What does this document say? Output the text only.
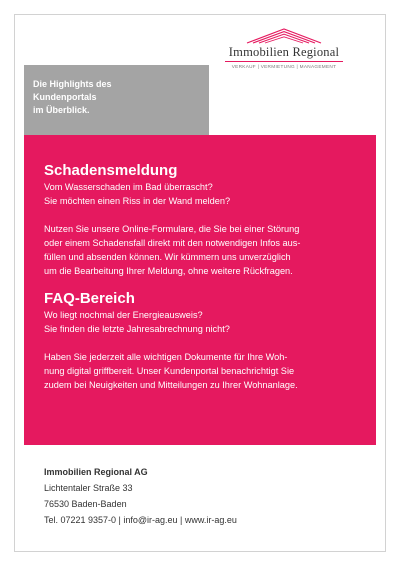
Immobilien Regional
VERKAUF | VERMIETUNG | MANAGEMENT
Die Highlights des
Kundenportals
im Überblick.
Schadensmeldung

Vom Wasserschaden im Bad überrascht?
Sie möchten einen Riss in der Wand melden?

Nutzen Sie unsere Online-Formulare, die Sie bei einer Störung
oder einem Schadensfall direkt mit den notwendigen Infos aus-
füllen und absenden können. Wir kümmern uns unverzüglich
um die Bearbeitung Ihrer Meldung, ohne weitere Rückfragen.

FAQ-Bereich

Wo liegt nochmal der Energieausweis?
Sie finden die letzte Jahresabrechnung nicht?

Haben Sie jederzeit alle wichtigen Dokumente für Ihre Woh-
nung digital griffbereit. Unser Kundenportal benachrichtigt Sie
zudem bei Neuigkeiten und Mitteilungen zu Ihrer Wohnanlage.

Immobilien Regional AG
Lichtentaler Straße 33
76530 Baden-Baden
Tel. 07221 9357-0 | info@ir-ag.eu | www.ir-ag.eu
